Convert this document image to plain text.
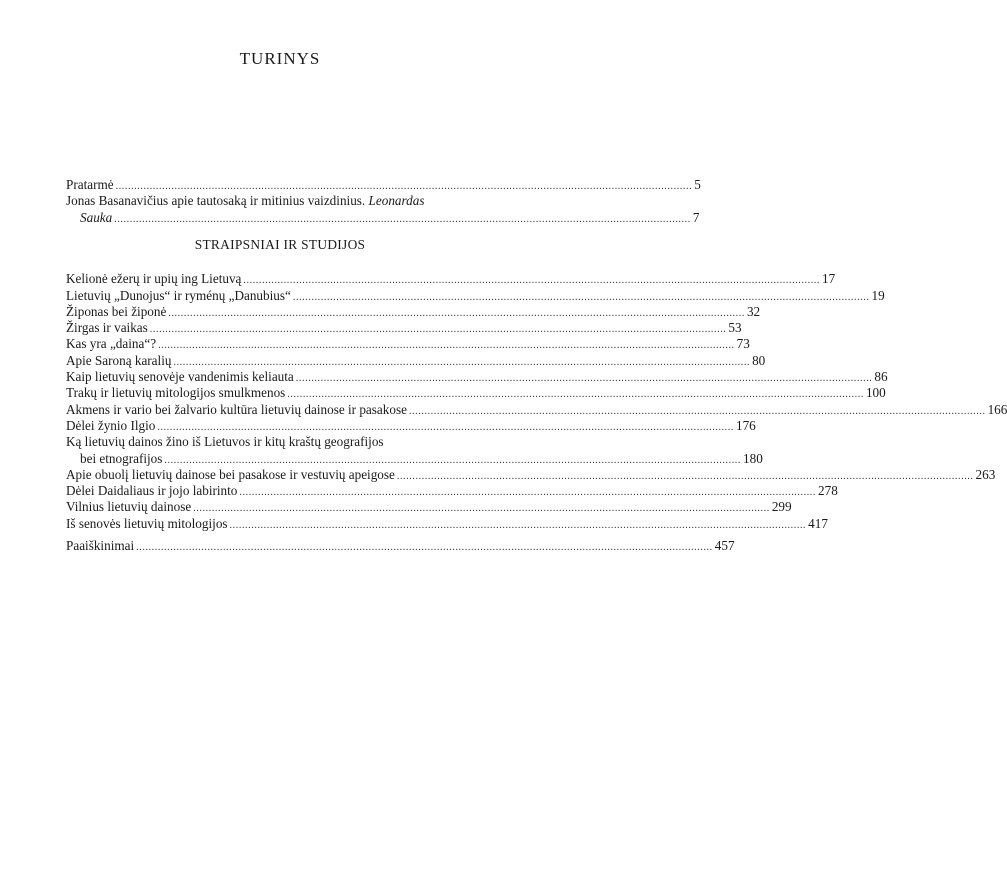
TURINYS
Pratarmė .......................................................................................................................................................................................... 5
Jonas Basanavičius apie tautosaką ir mitinius vaizdinius. Leonardas
Sauka .......................................................................................................................................................................................... 7
STRAIPSNIAI IR STUDIJOS
Kelionė ežerų ir upių ing Lietuvą .......................................................................................................................................................................................... 17
Lietuvių „Dunojus“ ir ryménų „Danubius“ .......................................................................................................................................................................................... 19
Žiponas bei žiponė .......................................................................................................................................................................................... 32
Žirgas ir vaikas .......................................................................................................................................................................................... 53
Kas yra „daina“? .......................................................................................................................................................................................... 73
Apie Saroną karalių .......................................................................................................................................................................................... 80
Kaip lietuvių senovėje vandenimis keliauta .......................................................................................................................................................................................... 86
Trakų ir lietuvių mitologijos smulkmenos .......................................................................................................................................................................................... 100
Akmens ir vario bei žalvario kultūra lietuvių dainose ir pasakose .......................................................................................................................................................................................... 166
Dėlei žynio Ilgio .......................................................................................................................................................................................... 176
Ką lietuvių dainos žino iš Lietuvos ir kitų kraštų geografijos
bei etnografijos .......................................................................................................................................................................................... 180
Apie obuolį lietuvių dainose bei pasakose ir vestuvių apeigose .......................................................................................................................................................................................... 263
Dėlei Daidaliaus ir jojo labirinto .......................................................................................................................................................................................... 278
Vilnius lietuvių dainose .......................................................................................................................................................................................... 299
Iš senovės lietuvių mitologijos .......................................................................................................................................................................................... 417
Paaiškinimai .......................................................................................................................................................................................... 457
